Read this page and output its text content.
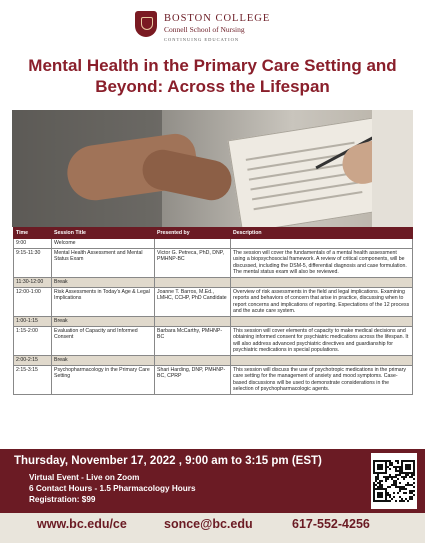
BOSTON COLLEGE
Connell School of Nursing
CONTINUING EDUCATION
Mental Health in the Primary Care Setting and
Beyond: Across the Lifespan
Time	Session Title	Presented by	Description
9:00	Welcome		
9:15-11:30	Mental Health Assessment and Mental Status Exam	Victor G. Petreca, PhD, DNP, PMHNP-BC	The session will cover the fundamentals of a mental health assessment using a biopsychosocial framework. A review of critical components, will be discussed, including the DSM-5, differential diagnosis and case formulation. The mental status exam will also be reviewed.
11:30-12:00	Break		
12:00-1:00	Risk Assessments in Today's Age & Legal Implications	Joanne T. Barros, M.Ed., LMHC, CCHP, PhD Candidate	Overview of risk assessments in the field and legal implications. Examining reports and behaviors of concern that arise in practice, discussing when to report concerns and implications of reporting. Expectations of the 12 process and the acute care system.
1:00-1:15	Break		
1:15-2:00	Evaluation of Capacity and Informed Consent	Barbara McCarthy, PMHNP-BC	This session will cover elements of capacity to make medical decisions and obtaining informed consent for psychiatric medications across the lifespan. It will also address advanced psychiatric directives and guardianship for psychiatric medications in special populations.
2:00-2:15	Break		
2:15-3:15	Psychopharmacology in the Primary Care Setting	Shari Harding, DNP, PMHNP-BC, CPRP	This session will discuss the use of psychotropic medications in the primary care setting for the management of anxiety and mood symptoms. Case-based discussions will be used to demonstrate considerations in the selection of psychopharmacologic agents.
Thursday, November 17, 2022 , 9:00 am to 3:15 pm (EST)
Virtual Event - Live on Zoom
6 Contact Hours - 1.5 Pharmacology Hours
Registration: $99
www.bc.edu/ce	sonce@bc.edu	617-552-4256
